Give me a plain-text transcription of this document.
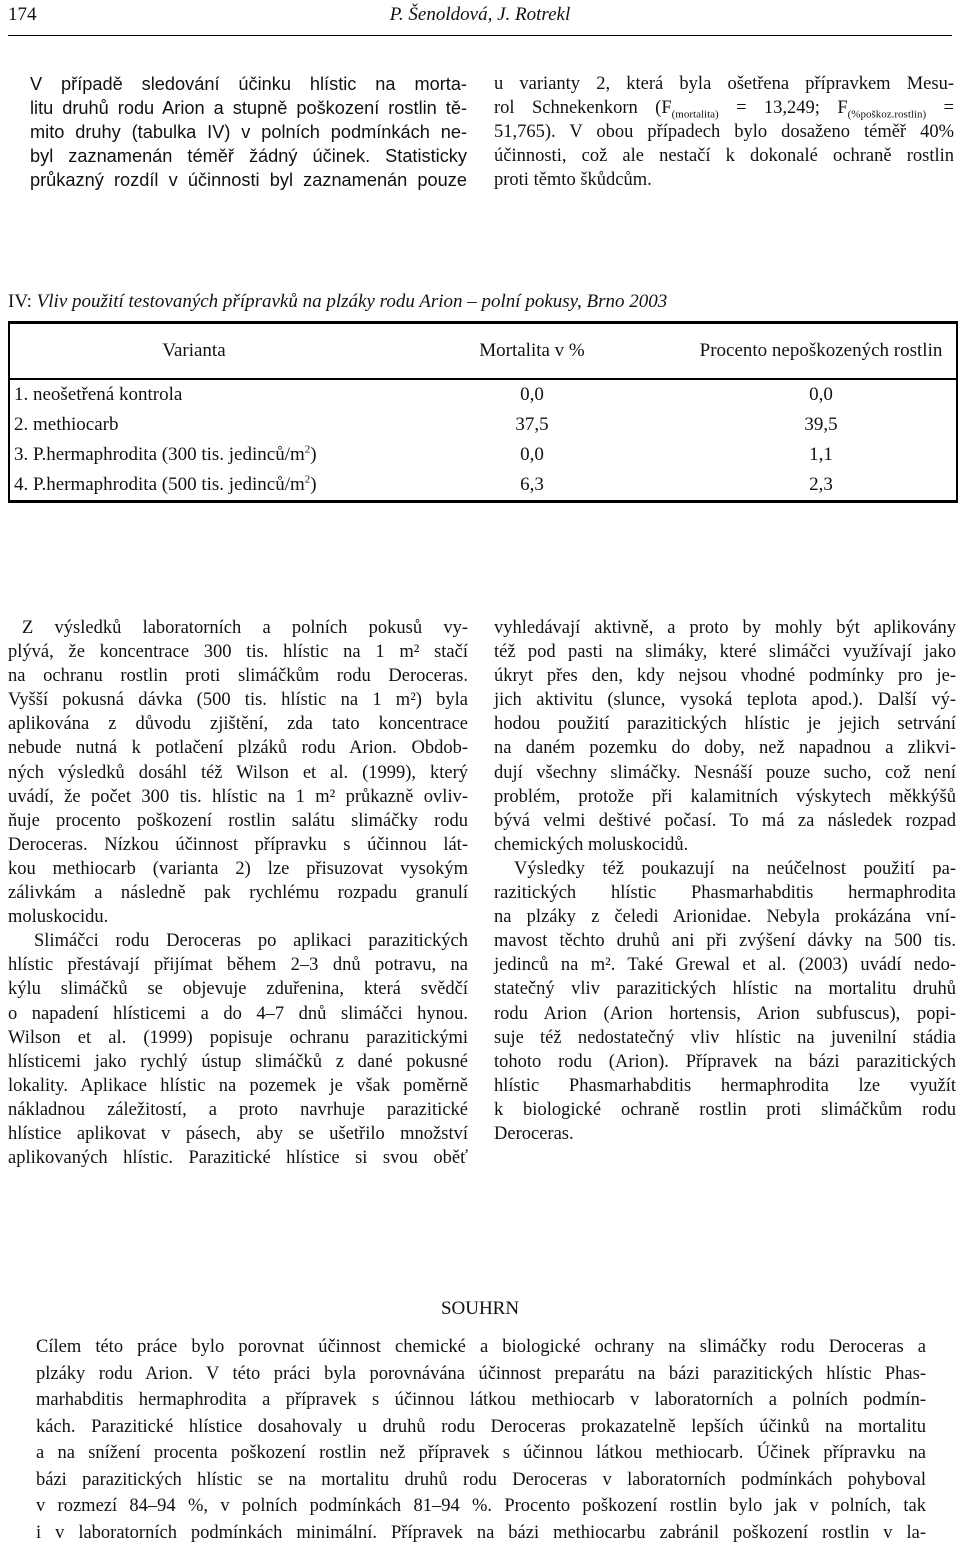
174	P. Šenoldová, J. Rotrekl
V případě sledování účinku hlístic na morta-
litu druhů rodu Arion a stupně poškození rostlin tě-
mito druhy (tabulka IV) v polních podmínkách ne-
byl zaznamenán téměř žádný účinek. Statisticky
průkazný rozdíl v účinnosti byl zaznamenán pouze
u varianty 2, která byla ošetřena přípravkem Mesu-
rol Schnekenkorn ($F_{(mortalita)} = 13,249$; $F_{(\%poškoz.rostlin)}$ =
51,765). V obou případech bylo dosaženo téměř 40%
účinnosti, což ale nestačí k dokonalé ochraně rostlin
proti těmto škůdcům.
IV: Vliv použití testovaných přípravků na plzáky rodu Arion – polní pokusy, Brno 2003
Varianta	Mortalita v %	Procento nepoškozených rostlin
1. neošetřená kontrola	0,0	0,0
2. methiocarb	37,5	39,5
3. P.hermaphrodita (300 tis. jedinců/$m^2$)	0,0	1,1
4. P.hermaphrodita (500 tis. jedinců/$m^2$)	6,3	2,3
Z výsledků laboratorních a polních pokusů vy-
plývá, že koncentrace 300 tis. hlístic na 1 m² stačí
na ochranu rostlin proti slimáčkům rodu Deroceras.
Vyšší pokusná dávka (500 tis. hlístic na 1 m²) byla
aplikována z důvodu zjištění, zda tato koncentrace
nebude nutná k potlačení plzáků rodu Arion. Obdob-
ných výsledků dosáhl též Wilson et al. (1999), který
uvádí, že počet 300 tis. hlístic na 1 m² průkazně ovliv-
ňuje procento poškození rostlin salátu slimáčky rodu
Deroceras. Nízkou účinnost přípravku s účinnou lát-
kou methiocarb (varianta 2) lze přisuzovat vysokým
zálivkám a následně pak rychlému rozpadu granulí
moluskocidu.
Slimáčci rodu Deroceras po aplikaci parazitických
hlístic přestávají přijímat během 2–3 dnů potravu, na
kýlu slimáčků se objevuje zduřenina, která svědčí
o napadení hlísticemi a do 4–7 dnů slimáčci hynou.
Wilson et al. (1999) popisuje ochranu parazitickými
hlísticemi jako rychlý ústup slimáčků z dané pokusné
lokality. Aplikace hlístic na pozemek je však poměrně
nákladnou záležitostí, a proto navrhuje parazitické
hlístice aplikovat v pásech, aby se ušetřilo množství
aplikovaných hlístic. Parazitické hlístice si svou oběť
vyhledávají aktivně, a proto by mohly být aplikovány
též pod pasti na slimáky, které slimáčci využívají jako
úkryt přes den, kdy nejsou vhodné podmínky pro je-
jich aktivitu (slunce, vysoká teplota apod.). Další vý-
hodou použití parazitických hlístic je jejich setrvání
na daném pozemku do doby, než napadnou a zlikvi-
dují všechny slimáčky. Nesnáší pouze sucho, což není
problém, protože při kalamitních výskytech měkkýšů
bývá velmi deštivé počasí. To má za následek rozpad
chemických moluskocidů.
Výsledky též poukazují na neúčelnost použití pa-
razitických hlístic Phasmarhabditis hermaphrodita
na plzáky z čeledi Arionidae. Nebyla prokázána vní-
mavost těchto druhů ani při zvýšení dávky na 500 tis.
jedinců na m². Také Grewal et al. (2003) uvádí nedo-
statečný vliv parazitických hlístic na mortalitu druhů
rodu Arion (Arion hortensis, Arion subfuscus), popi-
suje též nedostatečný vliv hlístic na juvenilní stádia
tohoto rodu (Arion). Přípravek na bázi parazitických
hlístic Phasmarhabditis hermaphrodita lze využít
k biologické ochraně rostlin proti slimáčkům rodu
Deroceras.
SOUHRN
Cílem této práce bylo porovnat účinnost chemické a biologické ochrany na slimáčky rodu Deroceras a
plzáky rodu Arion. V této práci byla porovnávána účinnost preparátu na bázi parazitických hlístic Phas-
marhabditis hermaphrodita a přípravek s účinnou látkou methiocarb v laboratorních a polních podmín-
kách. Parazitické hlístice dosahovaly u druhů rodu Deroceras prokazatelně lepších účinků na mortalitu
a na snížení procenta poškození rostlin než přípravek s účinnou látkou methiocarb. Účinek přípravku na
bázi parazitických hlístic se na mortalitu druhů rodu Deroceras v laboratorních podmínkách pohyboval
v rozmezí 84–94 %, v polních podmínkách 81–94 %. Procento poškození rostlin bylo jak v polních, tak
i v laboratorních podmínkách minimální. Přípravek na bázi methiocarbu zabránil poškození rostlin v la-
